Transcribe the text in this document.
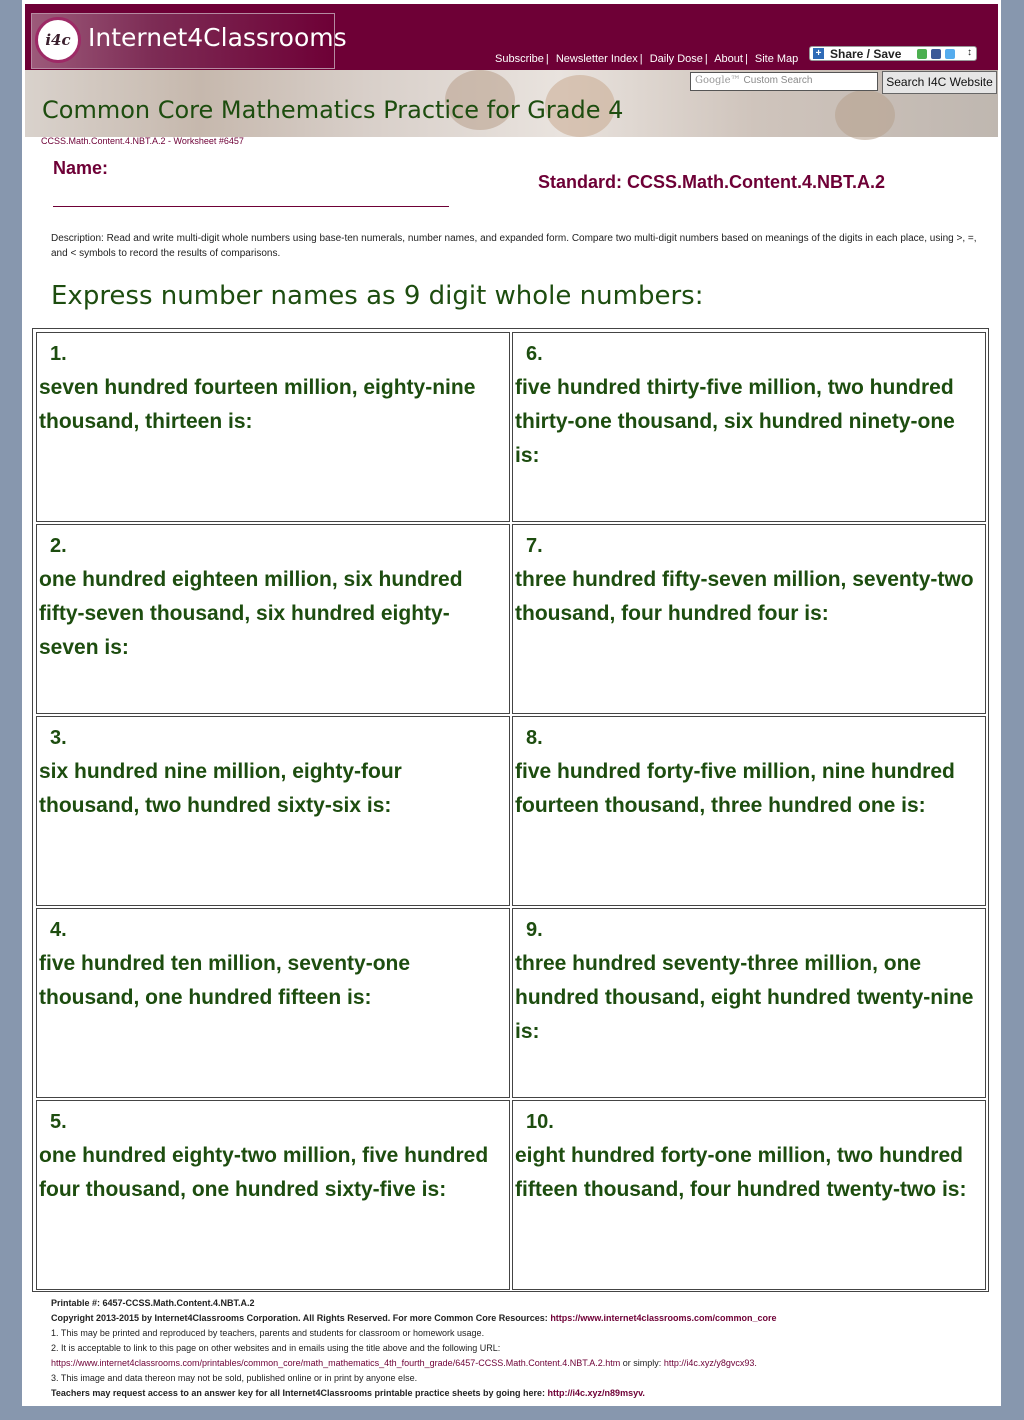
i4c Internet4Classrooms
Subscribe | Newsletter Index | Daily Dose | About | Site Map + Share / Save	↕
Google™ Custom Search	Search I4C Website
Common Core Mathematics Practice for Grade 4
CCSS.Math.Content.4.NBT.A.2 - Worksheet #6457
Name:
Standard: CCSS.Math.Content.4.NBT.A.2
Description: Read and write multi-digit whole numbers using base-ten numerals, number names, and expanded form. Compare two multi-digit numbers based on meanings of the digits in each place, using >, =, and < symbols to record the results of comparisons.
Express number names as 9 digit whole numbers:
1.
seven hundred fourteen million, eighty-nine thousand, thirteen is:
6.
five hundred thirty-five million, two hundred thirty-one thousand, six hundred ninety-one is:
2.
one hundred eighteen million, six hundred fifty-seven thousand, six hundred eighty-seven is:
7.
three hundred fifty-seven million, seventy-two thousand, four hundred four is:
3.
six hundred nine million, eighty-four thousand, two hundred sixty-six is:
8.
five hundred forty-five million, nine hundred fourteen thousand, three hundred one is:
4.
five hundred ten million, seventy-one thousand, one hundred fifteen is:
9.
three hundred seventy-three million, one hundred thousand, eight hundred twenty-nine is:
5.
one hundred eighty-two million, five hundred four thousand, one hundred sixty-five is:
10.
eight hundred forty-one million, two hundred fifteen thousand, four hundred twenty-two is:
Printable #: 6457-CCSS.Math.Content.4.NBT.A.2
Copyright 2013-2015 by Internet4Classrooms Corporation. All Rights Reserved. For more Common Core Resources: https://www.internet4classrooms.com/common_core
1. This may be printed and reproduced by teachers, parents and students for classroom or homework usage.
2. It is acceptable to link to this page on other websites and in emails using the title above and the following URL:
https://www.internet4classrooms.com/printables/common_core/math_mathematics_4th_fourth_grade/6457-CCSS.Math.Content.4.NBT.A.2.htm or simply: http://i4c.xyz/y8gvcx93.
3. This image and data thereon may not be sold, published online or in print by anyone else.
Teachers may request access to an answer key for all Internet4Classrooms printable practice sheets by going here: http://i4c.xyz/n89msyv.
